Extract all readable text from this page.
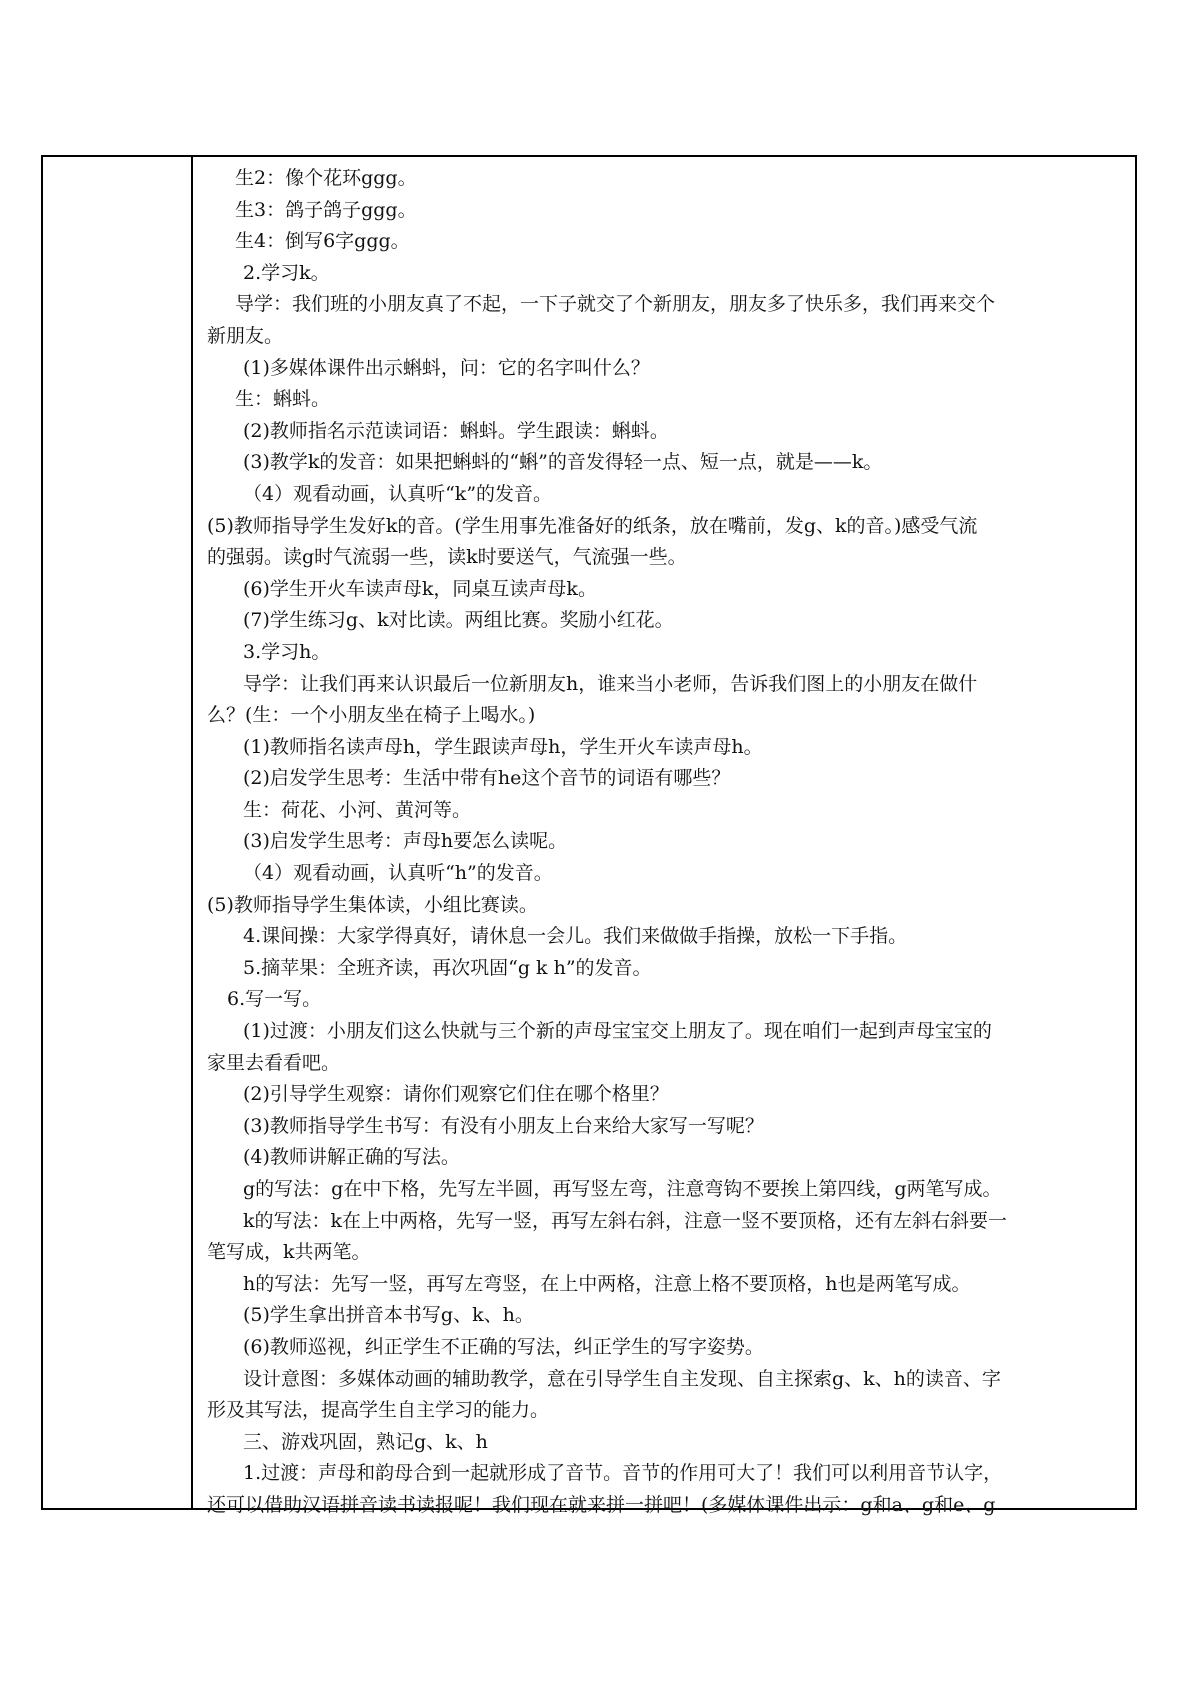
生2：像个花环ggg。
生3：鸽子鸽子ggg。
生4：倒写6字ggg。
2.学习k。
导学：我们班的小朋友真了不起，一下子就交了个新朋友，朋友多了快乐多，我们再来交个
新朋友。
(1)多媒体课件出示蝌蚪，问：它的名字叫什么？
生：蝌蚪。
(2)教师指名示范读词语：蝌蚪。学生跟读：蝌蚪。
(3)教学k的发音：如果把蝌蚪的“蝌”的音发得轻一点、短一点，就是——k。
（4）观看动画，认真听“k”的发音。
(5)教师指导学生发好k的音。(学生用事先准备好的纸条，放在嘴前，发g、k的音。)感受气流
的强弱。读g时气流弱一些，读k时要送气，气流强一些。
(6)学生开火车读声母k，同桌互读声母k。
(7)学生练习g、k对比读。两组比赛。奖励小红花。
3.学习h。
导学：让我们再来认识最后一位新朋友h，谁来当小老师，告诉我们图上的小朋友在做什
么？(生：一个小朋友坐在椅子上喝水。)
(1)教师指名读声母h，学生跟读声母h，学生开火车读声母h。
(2)启发学生思考：生活中带有he这个音节的词语有哪些？
生：荷花、小河、黄河等。
(3)启发学生思考：声母h要怎么读呢。
（4）观看动画，认真听“h”的发音。
(5)教师指导学生集体读，小组比赛读。
4.课间操：大家学得真好，请休息一会儿。我们来做做手指操，放松一下手指。
5.摘苹果：全班齐读，再次巩固“g k h”的发音。
6.写一写。
(1)过渡：小朋友们这么快就与三个新的声母宝宝交上朋友了。现在咱们一起到声母宝宝的
家里去看看吧。
(2)引导学生观察：请你们观察它们住在哪个格里？
(3)教师指导学生书写：有没有小朋友上台来给大家写一写呢？
(4)教师讲解正确的写法。
g的写法：g在中下格，先写左半圆，再写竖左弯，注意弯钩不要挨上第四线，g两笔写成。
k的写法：k在上中两格，先写一竖，再写左斜右斜，注意一竖不要顶格，还有左斜右斜要一
笔写成，k共两笔。
h的写法：先写一竖，再写左弯竖，在上中两格，注意上格不要顶格，h也是两笔写成。
(5)学生拿出拼音本书写g、k、h。
(6)教师巡视，纠正学生不正确的写法，纠正学生的写字姿势。
设计意图：多媒体动画的辅助教学，意在引导学生自主发现、自主探索g、k、h的读音、字
形及其写法，提高学生自主学习的能力。
三、游戏巩固，熟记g、k、h
1.过渡：声母和韵母合到一起就形成了音节。音节的作用可大了！我们可以利用音节认字，
还可以借助汉语拼音读书读报呢！我们现在就来拼一拼吧！(多媒体课件出示：g和a、g和e、g
